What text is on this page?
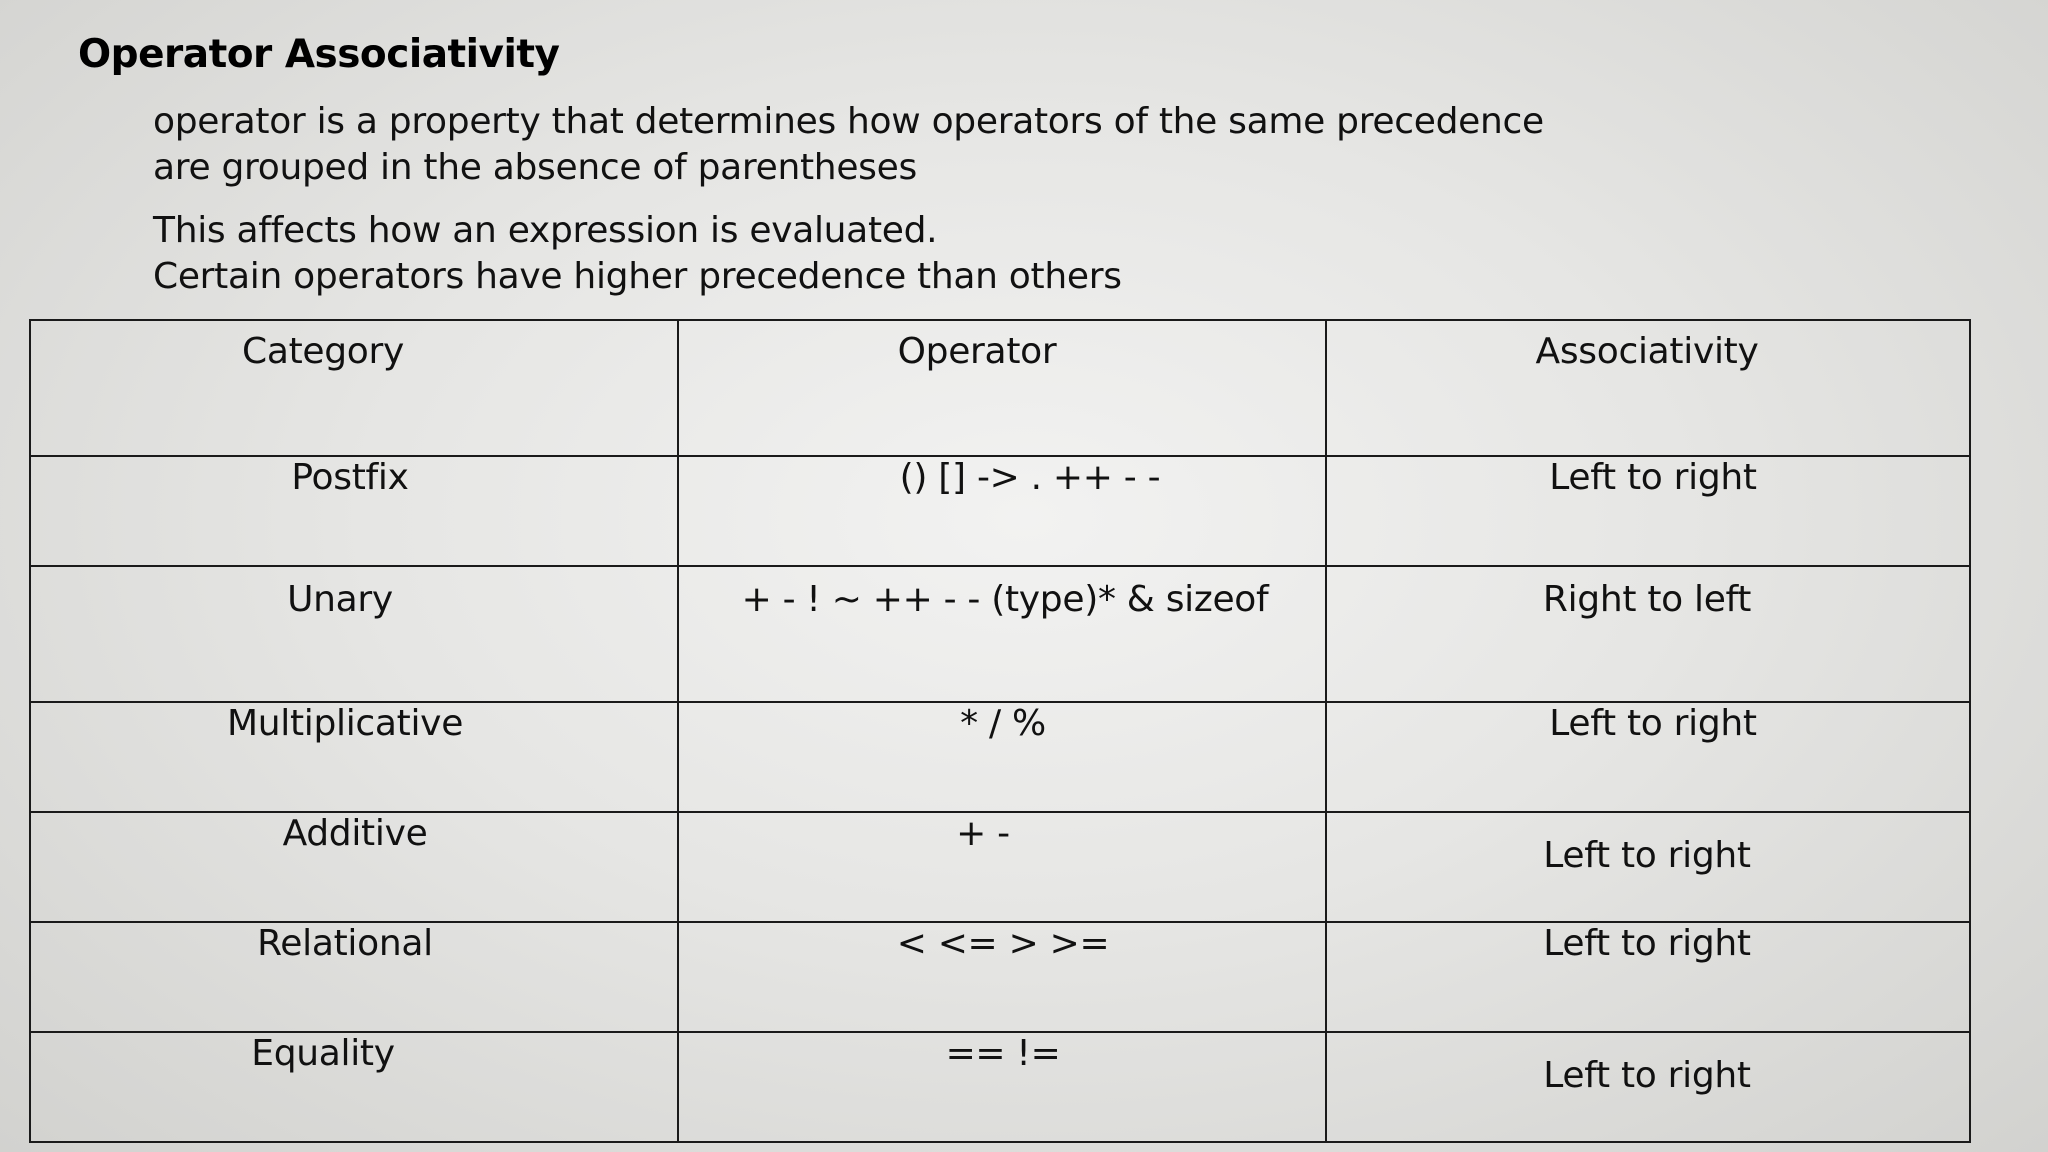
Operator Associativity
operator is a property that determines how operators of the same precedence
are grouped in the absence of parentheses
This affects how an expression is evaluated.
Certain operators have higher precedence than others
Category	Operator	Associativity

Postfix	() [] -> . ++ - -	Left to right

Unary	+ - ! ~ ++ - - (type)* & sizeof	Right to left

Multiplicative	* / %	Left to right

Additive	+ -	Left to right

Relational	< <= > >=	Left to right

Equality	== !=	Left to right
